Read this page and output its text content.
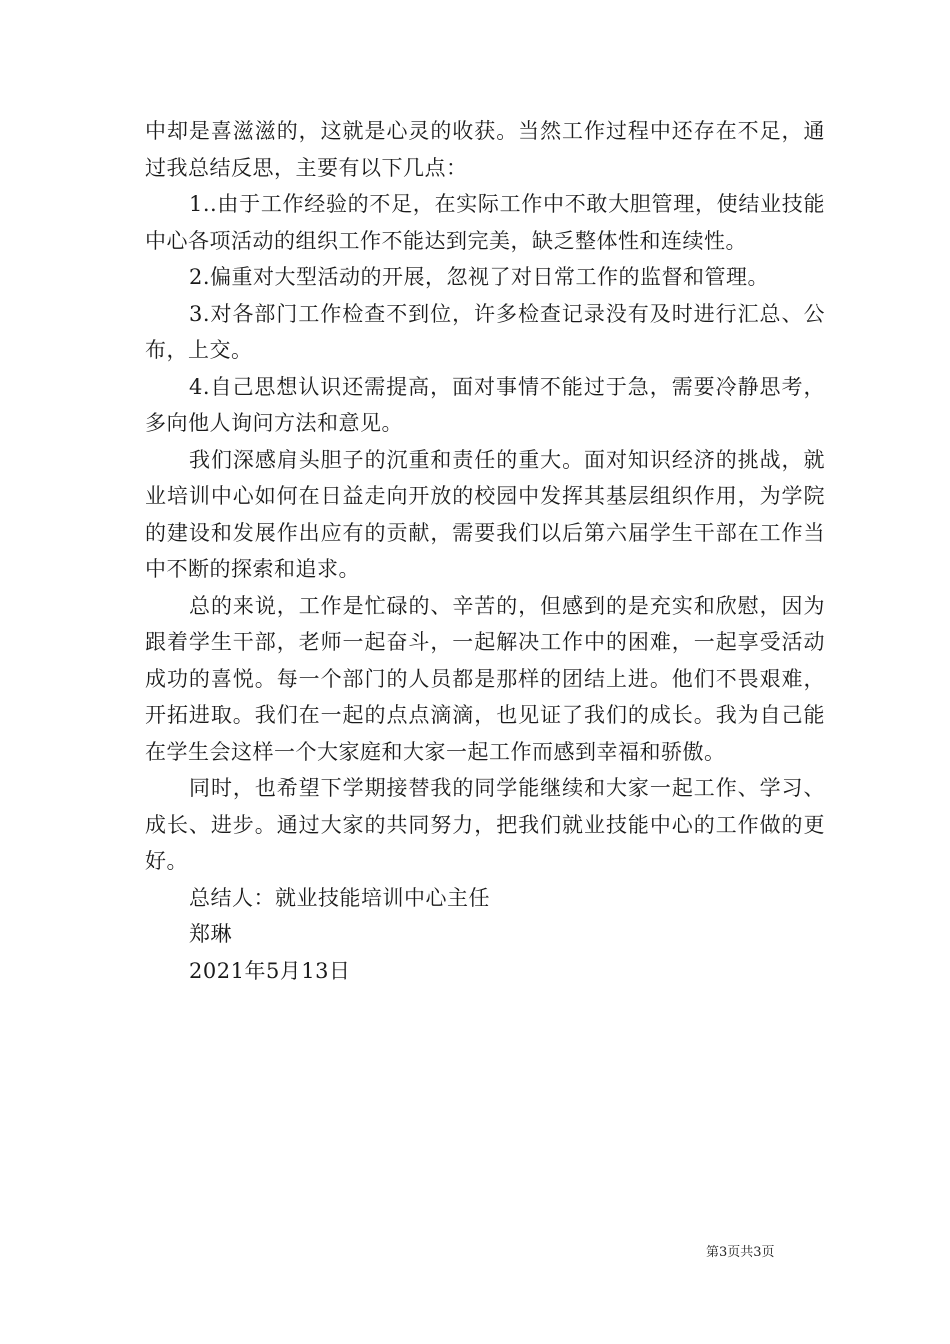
中却是喜滋滋的，这就是心灵的收获。当然工作过程中还存在不足，通过我总结反思，主要有以下几点：

1..由于工作经验的不足，在实际工作中不敢大胆管理，使结业技能中心各项活动的组织工作不能达到完美，缺乏整体性和连续性。

2.偏重对大型活动的开展，忽视了对日常工作的监督和管理。

3.对各部门工作检查不到位，许多检查记录没有及时进行汇总、公布，上交。

4.自己思想认识还需提高，面对事情不能过于急，需要冷静思考，多向他人询问方法和意见。

我们深感肩头胆子的沉重和责任的重大。面对知识经济的挑战，就业培训中心如何在日益走向开放的校园中发挥其基层组织作用，为学院的建设和发展作出应有的贡献，需要我们以后第六届学生干部在工作当中不断的探索和追求。

总的来说，工作是忙碌的、辛苦的，但感到的是充实和欣慰，因为跟着学生干部，老师一起奋斗，一起解决工作中的困难，一起享受活动成功的喜悦。每一个部门的人员都是那样的团结上进。他们不畏艰难，开拓进取。我们在一起的点点滴滴，也见证了我们的成长。我为自己能在学生会这样一个大家庭和大家一起工作而感到幸福和骄傲。

同时，也希望下学期接替我的同学能继续和大家一起工作、学习、成长、进步。通过大家的共同努力，把我们就业技能中心的工作做的更好。

总结人：就业技能培训中心主任

郑琳

2021年5月13日

第3页共3页
